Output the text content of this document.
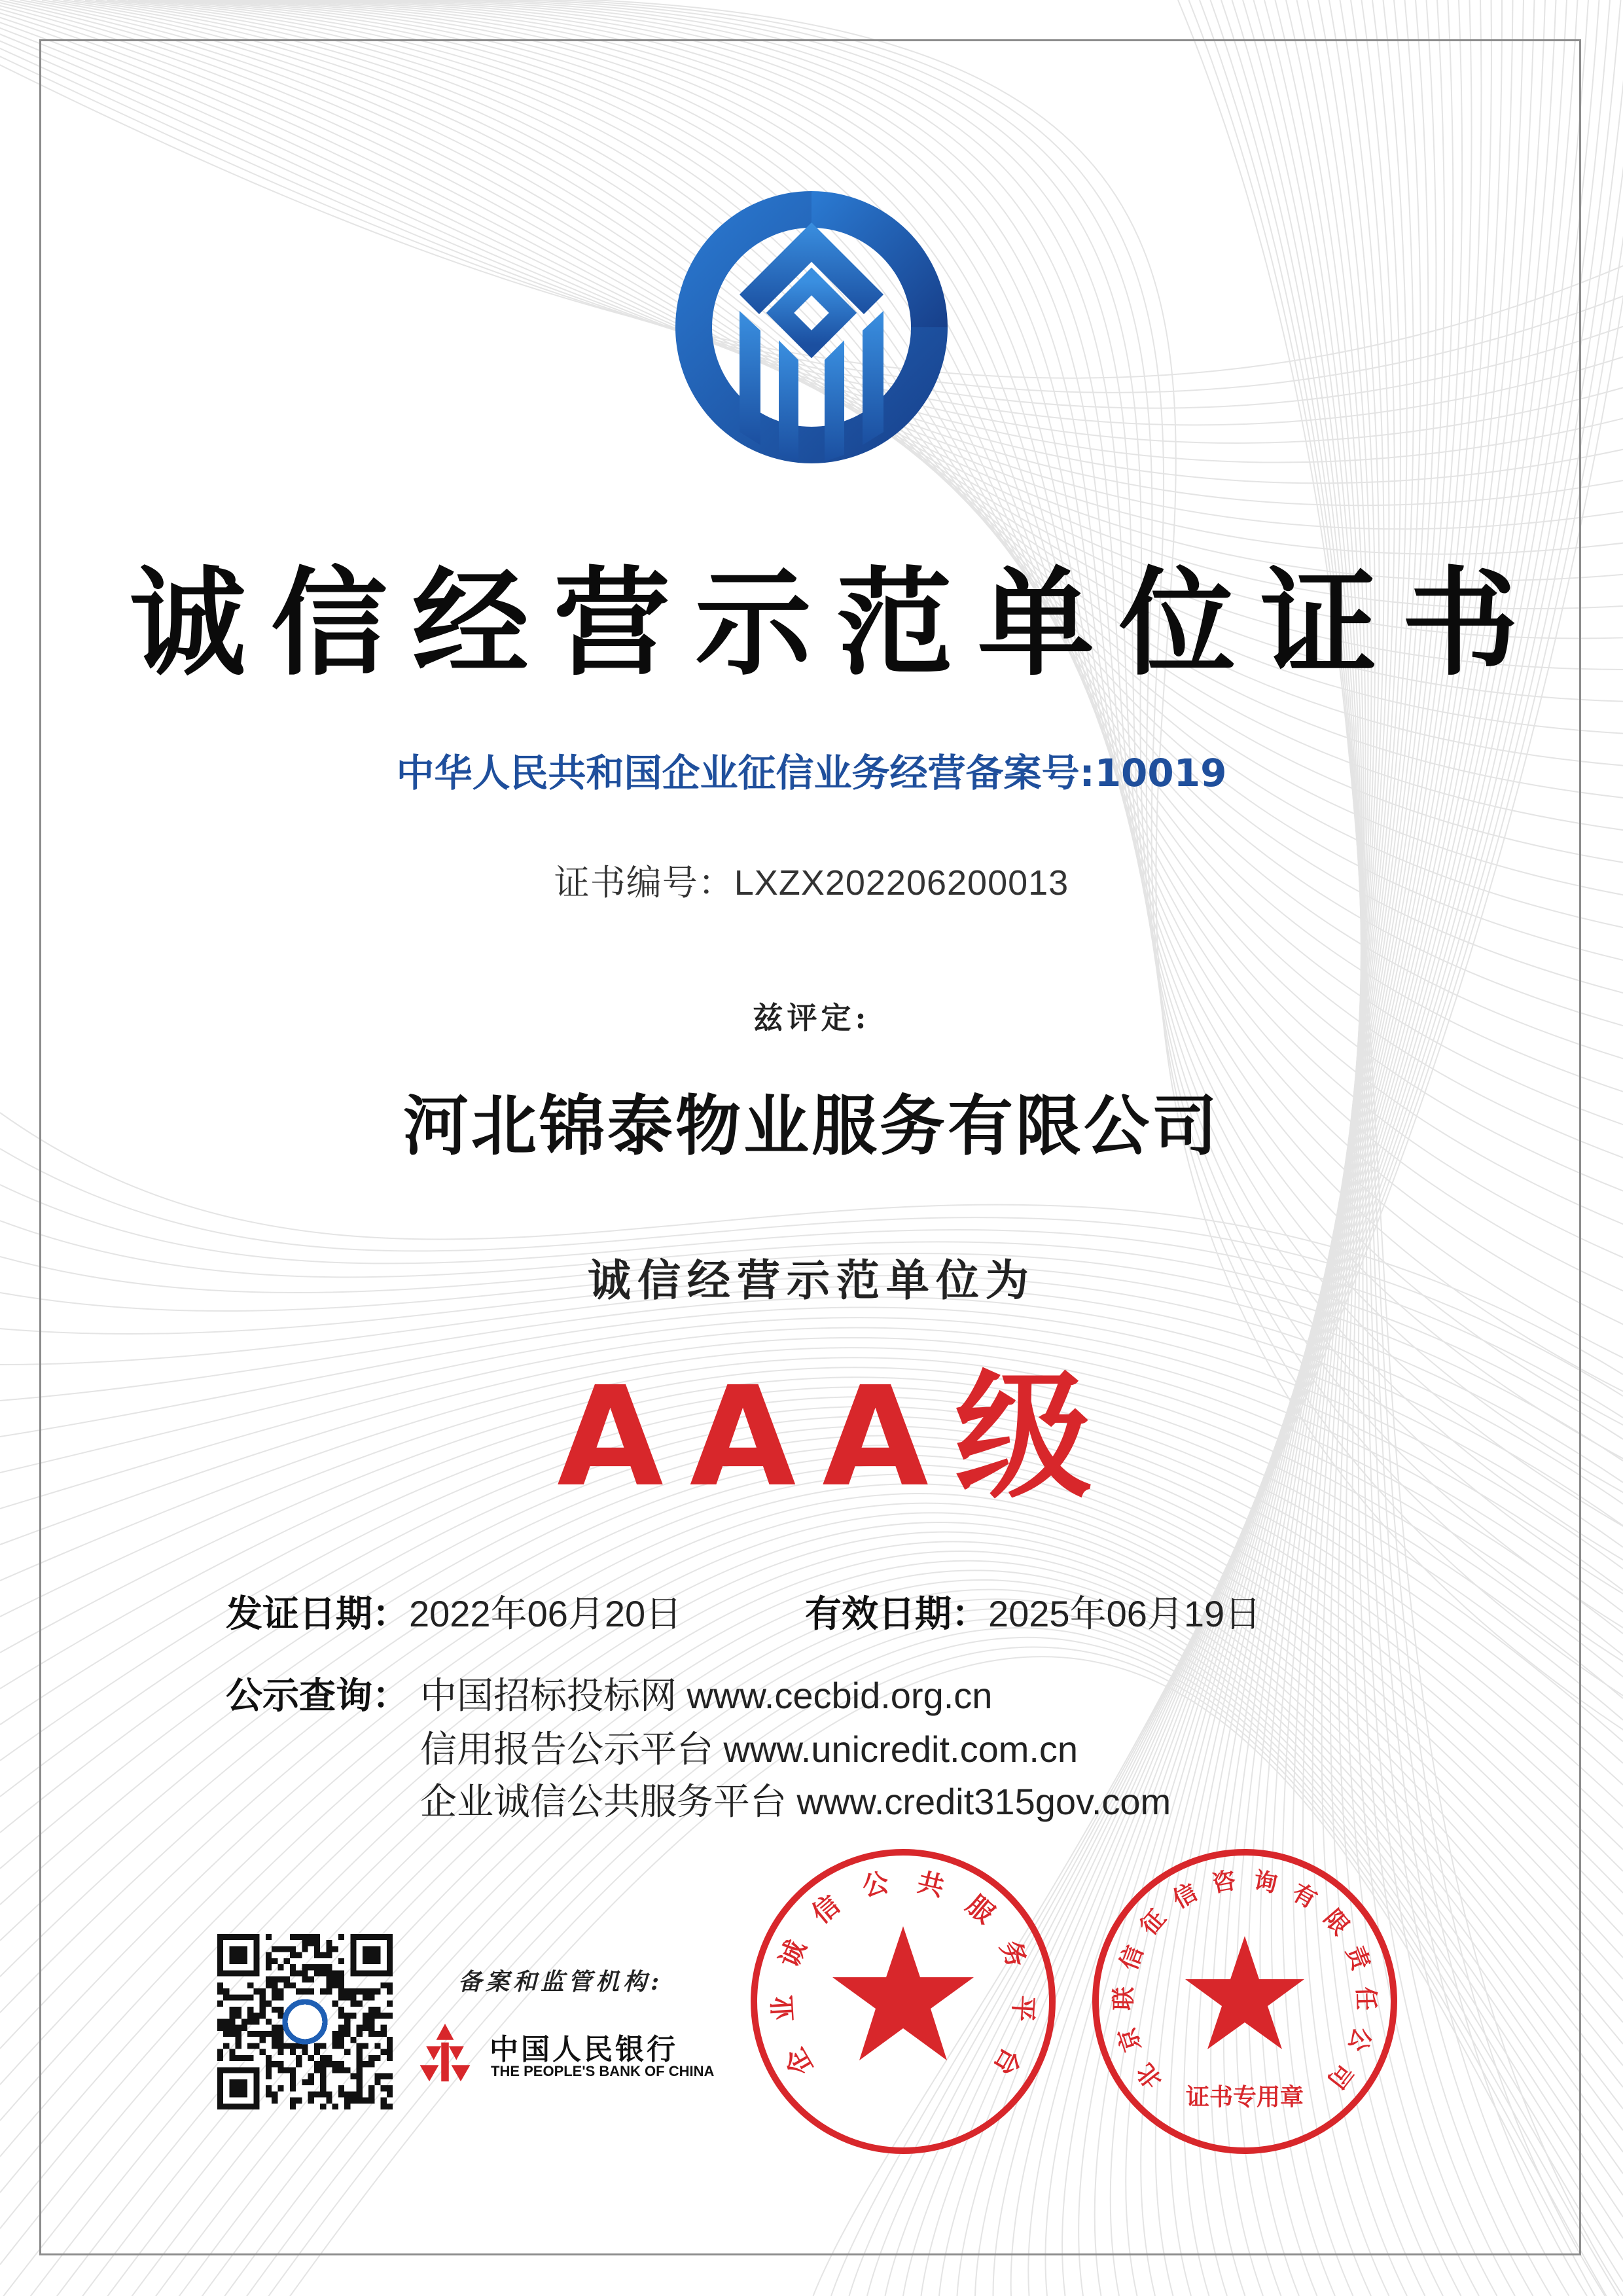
诚信经营示范单位证书
中华人民共和国企业征信业务经营备案号:10019
证书编号：LXZX202206200013
兹评定:
河北锦泰物业服务有限公司
诚信经营示范单位为
AAA级
发证日期：2022年06月20日	有效日期：2025年06月19日
公示查询： 中国招标投标网 www.cecbid.org.cn
信用报告公示平台 www.unicredit.com.cn
企业诚信公共服务平台 www.credit315gov.com
备案和监管机构:
中国人民银行
THE PEOPLE'S BANK OF CHINA 企
业
诚
信
公 共
服
务
平
台	北
京
联
信
征
信 咨 询 有
限
责
任
公
司
证书专用章
